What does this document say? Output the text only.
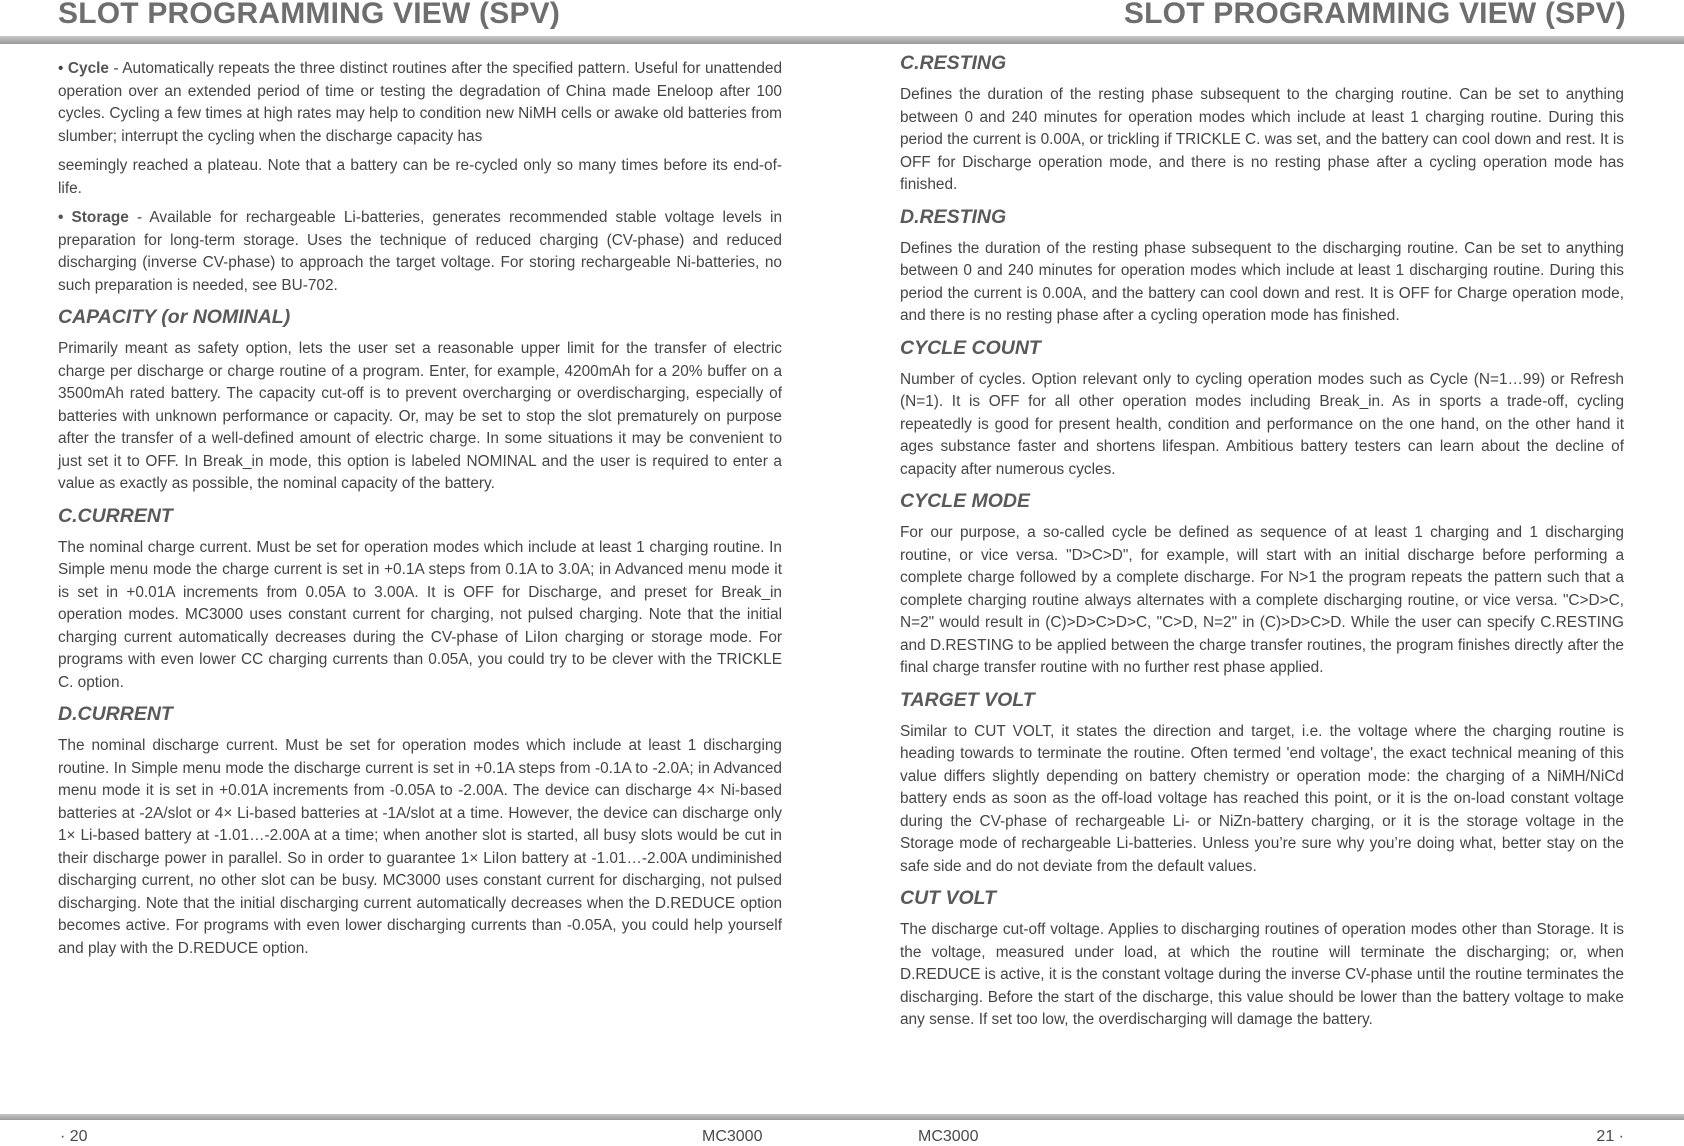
SLOT PROGRAMMING VIEW (SPV)	SLOT PROGRAMMING VIEW (SPV)

• Cycle - Automatically repeats the three distinct routines after the specified pattern. Useful for unattended operation over an extended period of time or testing the degradation of China made Eneloop after 100 cycles. Cycling a few times at high rates may help to condition new NiMH cells or awake old batteries from slumber; interrupt the cycling when the discharge capacity has

seemingly reached a plateau. Note that a battery can be re-cycled only so many times before its end-of-life.

• Storage - Available for rechargeable Li-batteries, generates recommended stable voltage levels in preparation for long-term storage. Uses the technique of reduced charging (CV-phase) and reduced discharging (inverse CV-phase) to approach the target voltage. For storing rechargeable Ni-batteries, no such preparation is needed, see BU-702.

CAPACITY (or NOMINAL)

Primarily meant as safety option, lets the user set a reasonable upper limit for the transfer of electric charge per discharge or charge routine of a program. Enter, for example, 4200mAh for a 20% buffer on a 3500mAh rated battery. The capacity cut-off is to prevent overcharging or overdischarging, especially of batteries with unknown performance or capacity. Or, may be set to stop the slot prematurely on purpose after the transfer of a well-defined amount of electric charge. In some situations it may be convenient to just set it to OFF. In Break_in mode, this option is labeled NOMINAL and the user is required to enter a value as exactly as possible, the nominal capacity of the battery.

C.CURRENT

The nominal charge current. Must be set for operation modes which include at least 1 charging routine. In Simple menu mode the charge current is set in +0.1A steps from 0.1A to 3.0A; in Advanced menu mode it is set in +0.01A increments from 0.05A to 3.00A. It is OFF for Discharge, and preset for Break_in operation modes. MC3000 uses constant current for charging, not pulsed charging. Note that the initial charging current automatically decreases during the CV-phase of LiIon charging or storage mode. For programs with even lower CC charging currents than 0.05A, you could try to be clever with the TRICKLE C. option.

D.CURRENT

The nominal discharge current. Must be set for operation modes which include at least 1 discharging routine. In Simple menu mode the discharge current is set in +0.1A steps from -0.1A to -2.0A; in Advanced menu mode it is set in +0.01A increments from -0.05A to -2.00A. The device can discharge 4× Ni-based batteries at -2A/slot or 4× Li-based batteries at -1A/slot at a time. However, the device can discharge only 1× Li-based battery at -1.01…-2.00A at a time; when another slot is started, all busy slots would be cut in their discharge power in parallel. So in order to guarantee 1× LiIon battery at -1.01…-2.00A undiminished discharging current, no other slot can be busy. MC3000 uses constant current for discharging, not pulsed discharging. Note that the initial discharging current automatically decreases when the D.REDUCE option becomes active. For programs with even lower discharging currents than -0.05A, you could help yourself and play with the D.REDUCE option.

C.RESTING

Defines the duration of the resting phase subsequent to the charging routine. Can be set to anything between 0 and 240 minutes for operation modes which include at least 1 charging routine. During this period the current is 0.00A, or trickling if TRICKLE C. was set, and the battery can cool down and rest. It is OFF for Discharge operation mode, and there is no resting phase after a cycling operation mode has finished.

D.RESTING

Defines the duration of the resting phase subsequent to the discharging routine. Can be set to anything between 0 and 240 minutes for operation modes which include at least 1 discharging routine. During this period the current is 0.00A, and the battery can cool down and rest. It is OFF for Charge operation mode, and there is no resting phase after a cycling operation mode has finished.

CYCLE COUNT

Number of cycles. Option relevant only to cycling operation modes such as Cycle (N=1…99) or Refresh (N=1). It is OFF for all other operation modes including Break_in. As in sports a trade-off, cycling repeatedly is good for present health, condition and performance on the one hand, on the other hand it ages substance faster and shortens lifespan. Ambitious battery testers can learn about the decline of capacity after numerous cycles.

CYCLE MODE

For our purpose, a so-called cycle be defined as sequence of at least 1 charging and 1 discharging routine, or vice versa. "D>C>D", for example, will start with an initial discharge before performing a complete charge followed by a complete discharge. For N>1 the program repeats the pattern such that a complete charging routine always alternates with a complete discharging routine, or vice versa. "C>D>C, N=2" would result in (C)>D>C>D>C, "C>D, N=2" in (C)>D>C>D. While the user can specify C.RESTING and D.RESTING to be applied between the charge transfer routines, the program finishes directly after the final charge transfer routine with no further rest phase applied.

TARGET VOLT

Similar to CUT VOLT, it states the direction and target, i.e. the voltage where the charging routine is heading towards to terminate the routine. Often termed 'end voltage', the exact technical meaning of this value differs slightly depending on battery chemistry or operation mode: the charging of a NiMH/NiCd battery ends as soon as the off-load voltage has reached this point, or it is the on-load constant voltage during the CV-phase of rechargeable Li- or NiZn-battery charging, or it is the storage voltage in the Storage mode of rechargeable Li-batteries. Unless you’re sure why you’re doing what, better stay on the safe side and do not deviate from the default values.

CUT VOLT

The discharge cut-off voltage. Applies to discharging routines of operation modes other than Storage. It is the voltage, measured under load, at which the routine will terminate the discharging; or, when D.REDUCE is active, it is the constant voltage during the inverse CV-phase until the routine terminates the discharging. Before the start of the discharge, this value should be lower than the battery voltage to make any sense. If set too low, the overdischarging will damage the battery.

· 20	MC3000	MC3000	21 ·
